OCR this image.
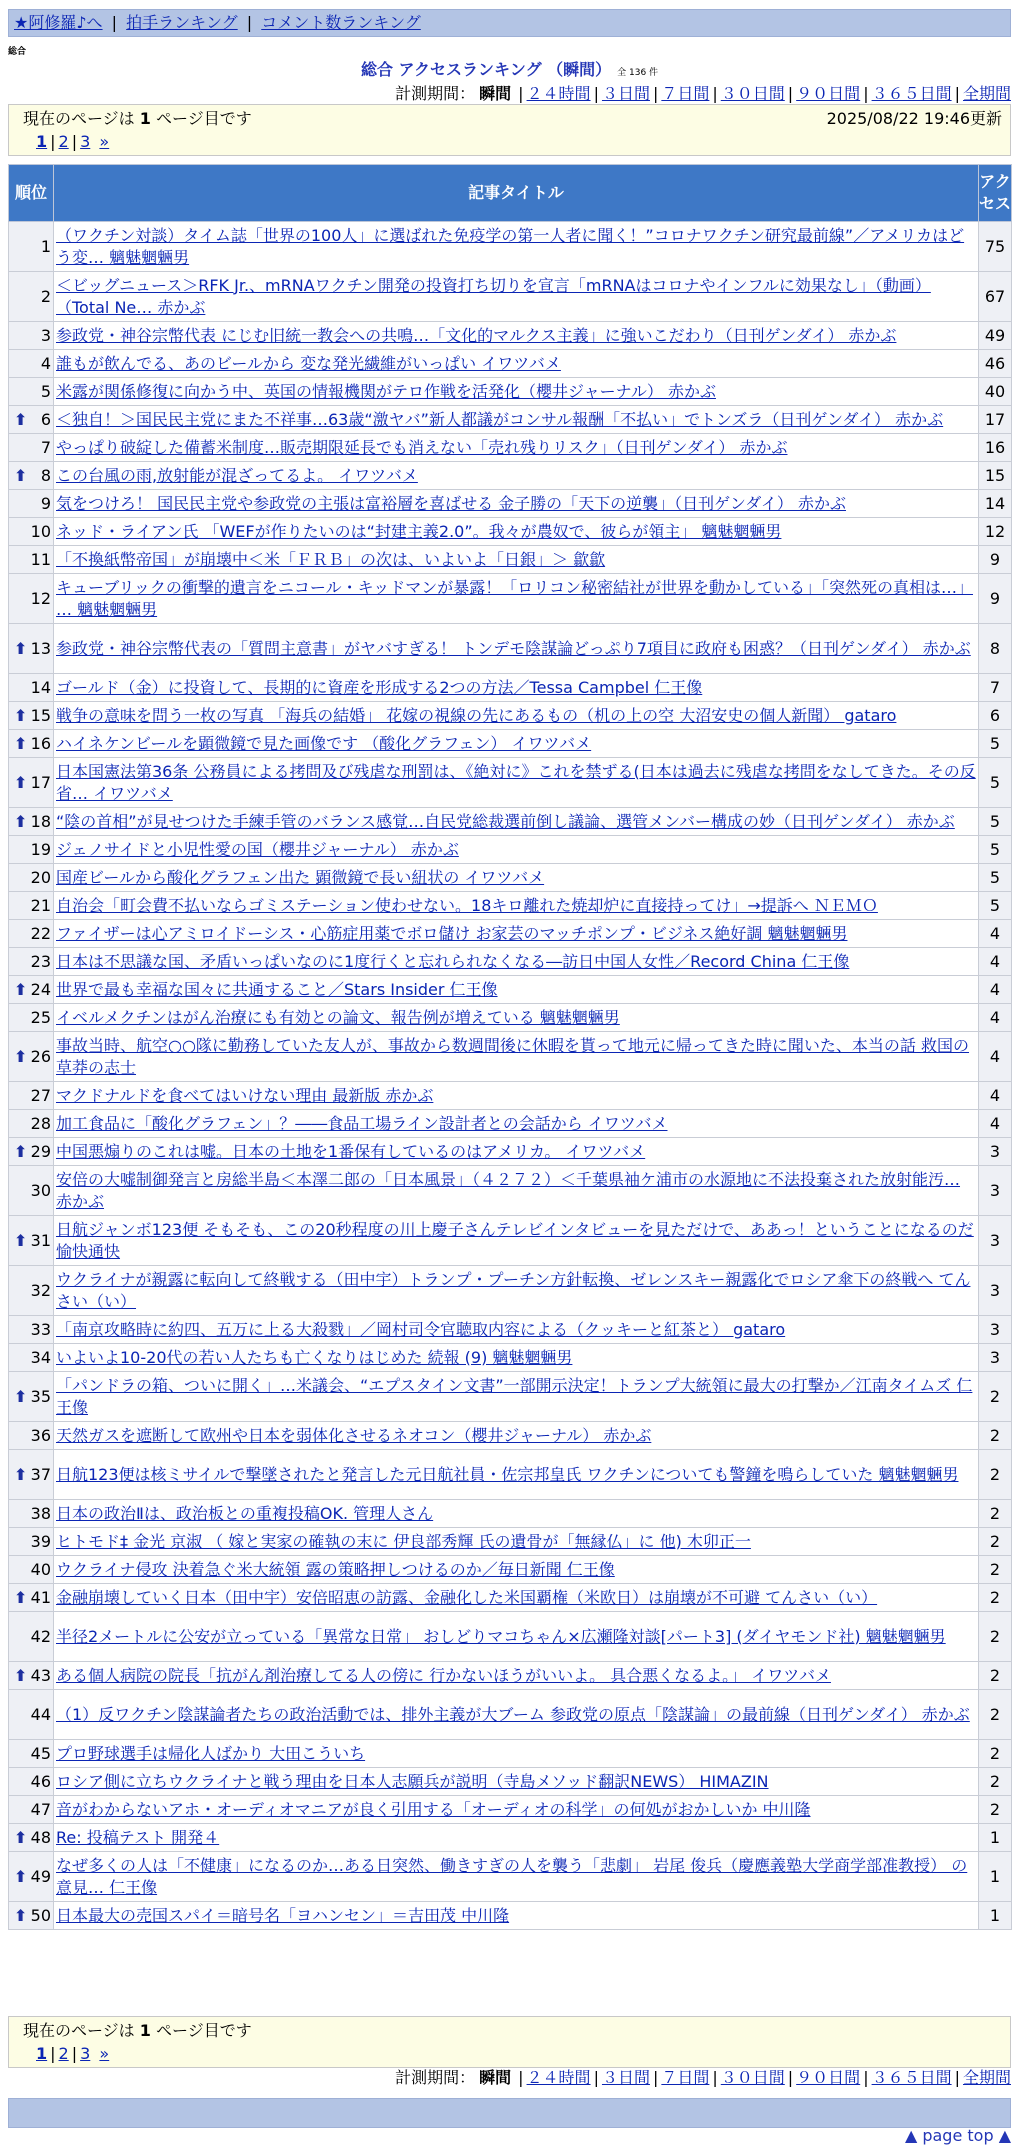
★阿修羅♪へ | 拍手ランキング | コメント数ランキング
総合
総合 アクセスランキング （瞬間） 全 136 件
計測期間： 瞬間 | ２４時間 | ３日間 | ７日間 | ３０日間 | ９０日間 | ３６５日間 | 全期間
現在のページは 1 ページ目です	2025/08/22 19:46更新
1 | 2 | 3 »
順位	記事タイトル	アクセス
1	（ワクチン対談）タイム誌「世界の100人」に選ばれた免疫学の第一人者に聞く！”コロナワクチン研究最前線”／アメリカはどう変… 魑魅魍魎男	75
2	＜ビッグニュース＞RFK Jr.、mRNAワクチン開発の投資打ち切りを宣言「mRNAはコロナやインフルに効果なし」（動画）（Total Ne… 赤かぶ	67
3	参政党・神谷宗幣代表 にじむ旧統一教会への共鳴…「文化的マルクス主義」に強いこだわり（日刊ゲンダイ） 赤かぶ	49
4	誰もが飲んでる、あのビールから 変な発光繊維がいっぱい イワツバメ	46
5	米露が関係修復に向かう中、英国の情報機関がテロ作戦を活発化（櫻井ジャーナル） 赤かぶ	40

⬆ 6	＜独自！＞国民民主党にまた不祥事…63歳“激ヤバ”新人都議がコンサル報酬「不払い」でトンズラ（日刊ゲンダイ） 赤かぶ	17
7	やっぱり破綻した備蓄米制度…販売期限延長でも消えない「売れ残りリスク」（日刊ゲンダイ） 赤かぶ	16

⬆ 8	この台風の雨,放射能が混ざってるよ。 イワツバメ	15
9	気をつけろ！ 国民民主党や参政党の主張は富裕層を喜ばせる 金子勝の「天下の逆襲」（日刊ゲンダイ） 赤かぶ	14
10	ネッド・ライアン氏 「WEFが作りたいのは“封建主義2.0”。我々が農奴で、彼らが領主」 魑魅魍魎男	12
11	「不換紙幣帝国」が崩壊中＜米「ＦＲＢ」の次は、いよいよ「日銀」＞ 歙歙	9
12	キューブリックの衝撃的遺言をニコール・キッドマンが暴露！「ロリコン秘密結社が世界を動かしている」「突然死の真相は…」 … 魑魅魍魎男	9

⬆ 13	参政党・神谷宗幣代表の「質問主意書」がヤバすぎる！ トンデモ陰謀論どっぷり7項目に政府も困惑？（日刊ゲンダイ） 赤かぶ	8
14	ゴールド（金）に投資して、長期的に資産を形成する2つの方法／Tessa Campbel 仁王像	7

⬆ 15	戦争の意味を問う一枚の写真 「海兵の結婚」 花嫁の視線の先にあるもの（机の上の空 大沼安史の個人新聞） gataro	6

⬆ 16	ハイネケンビールを顕微鏡で見た画像です （酸化グラフェン） イワツバメ	5

⬆ 17	日本国憲法第36条 公務員による拷問及び残虐な刑罰は、《絶対に》これを禁ずる(日本は過去に残虐な拷問をなしてきた。その反省… イワツバメ	5

⬆ 18	“陰の首相”が見せつけた手練手管のバランス感覚…自民党総裁選前倒し議論、選管メンバー構成の妙（日刊ゲンダイ） 赤かぶ	5
19	ジェノサイドと小児性愛の国（櫻井ジャーナル） 赤かぶ	5
20	国産ビールから酸化グラフェン出た 顕微鏡で長い紐状の イワツバメ	5
21	自治会「町会費不払いならゴミステーション使わせない。18キロ離れた焼却炉に直接持ってけ」→提訴へ ＮＥＭＯ	5
22	ファイザーは心アミロイドーシス・心筋症用薬でボロ儲け お家芸のマッチポンプ・ビジネス絶好調 魑魅魍魎男	4
23	日本は不思議な国、矛盾いっぱいなのに1度行くと忘れられなくなる―訪日中国人女性／Record China 仁王像	4

⬆ 24	世界で最も幸福な国々に共通すること／Stars Insider 仁王像	4
25	イベルメクチンはがん治療にも有効との論文、報告例が増えている 魑魅魍魎男	4

⬆ 26	事故当時、航空○○隊に勤務していた友人が、事故から数週間後に休暇を貰って地元に帰ってきた時に聞いた、本当の話 救国の草莽の志士	4
27	マクドナルドを食べてはいけない理由 最新版 赤かぶ	4
28	加工食品に「酸化グラフェン」？――食品工場ライン設計者との会話から イワツバメ	4

⬆ 29	中国悪煽りのこれは嘘。日本の土地を1番保有しているのはアメリカ。 イワツバメ	3
30	安倍の大嘘制御発言と房総半島＜本澤二郎の「日本風景」（４２７２）＜千葉県袖ケ浦市の水源地に不法投棄された放射能汚… 赤かぶ	3

⬆ 31	日航ジャンボ123便 そもそも、この20秒程度の川上慶子さんテレビインタビューを見ただけで、ああっ！ということになるのだ 愉快通快	3
32	ウクライナが親露に転向して終戦する（田中宇）トランプ・プーチン方針転換、ゼレンスキー親露化でロシア傘下の終戦へ てんさい（い）	3
33	「南京攻略時に約四、五万に上る大殺戮」／岡村司令官聴取内容による（クッキーと紅茶と） gataro	3
34	いよいよ10-20代の若い人たちも亡くなりはじめた 続報 (9) 魑魅魍魎男	3

⬆ 35	「パンドラの箱、ついに開く」…米議会、“エプスタイン文書”一部開示決定！トランプ大統領に最大の打撃か／江南タイムズ 仁王像	2
36	天然ガスを遮断して欧州や日本を弱体化させるネオコン（櫻井ジャーナル） 赤かぶ	2

⬆ 37	日航123便は核ミサイルで撃墜されたと発言した元日航社員・佐宗邦皇氏 ワクチンについても警鐘を鳴らしていた 魑魅魍魎男	2
38	日本の政治Ⅱは、政治板との重複投稿OK. 管理人さん	2
39	ヒトモド‡ 金光 京淑 （ 嫁と実家の確執の末に 伊良部秀輝 氏の遺骨が「無縁仏」に 他) 木卯正一	2
40	ウクライナ侵攻 決着急ぐ米大統領 露の策略押しつけるのか／毎日新聞 仁王像	2

⬆ 41	金融崩壊していく日本（田中宇）安倍昭恵の訪露、金融化した米国覇権（米欧日）は崩壊が不可避 てんさい（い）	2
42	半径2メートルに公安が立っている「異常な日常」 おしどりマコちゃん×広瀬隆対談[パート3] (ダイヤモンド社) 魑魅魍魎男	2

⬆ 43	ある個人病院の院長「抗がん剤治療してる人の傍に 行かないほうがいいよ。 具合悪くなるよ。」 イワツバメ	2
44	（1）反ワクチン陰謀論者たちの政治活動では、排外主義が大ブーム 参政党の原点「陰謀論」の最前線（日刊ゲンダイ） 赤かぶ	2
45	プロ野球選手は帰化人ばかり 大田こういち	2
46	ロシア側に立ちウクライナと戦う理由を日本人志願兵が説明（寺島メソッド翻訳NEWS） HIMAZIN	2
47	音がわからないアホ・オーディオマニアが良く引用する「オーディオの科学」の何処がおかしいか 中川隆	2

⬆ 48	Re: 投稿テスト 開発４	1

⬆ 49	なぜ多くの人は「不健康」になるのか…ある日突然、働きすぎの人を襲う「悲劇」 岩尾 俊兵（慶應義塾大学商学部准教授） の意見… 仁王像	1

⬆ 50	日本最大の売国スパイ＝暗号名「ヨハンセン」＝吉田茂 中川隆	1
現在のページは 1 ページ目です
1 | 2 | 3 »
計測期間： 瞬間 | ２４時間 | ３日間 | ７日間 | ３０日間 | ９０日間 | ３６５日間 | 全期間
▲ page top ▲
